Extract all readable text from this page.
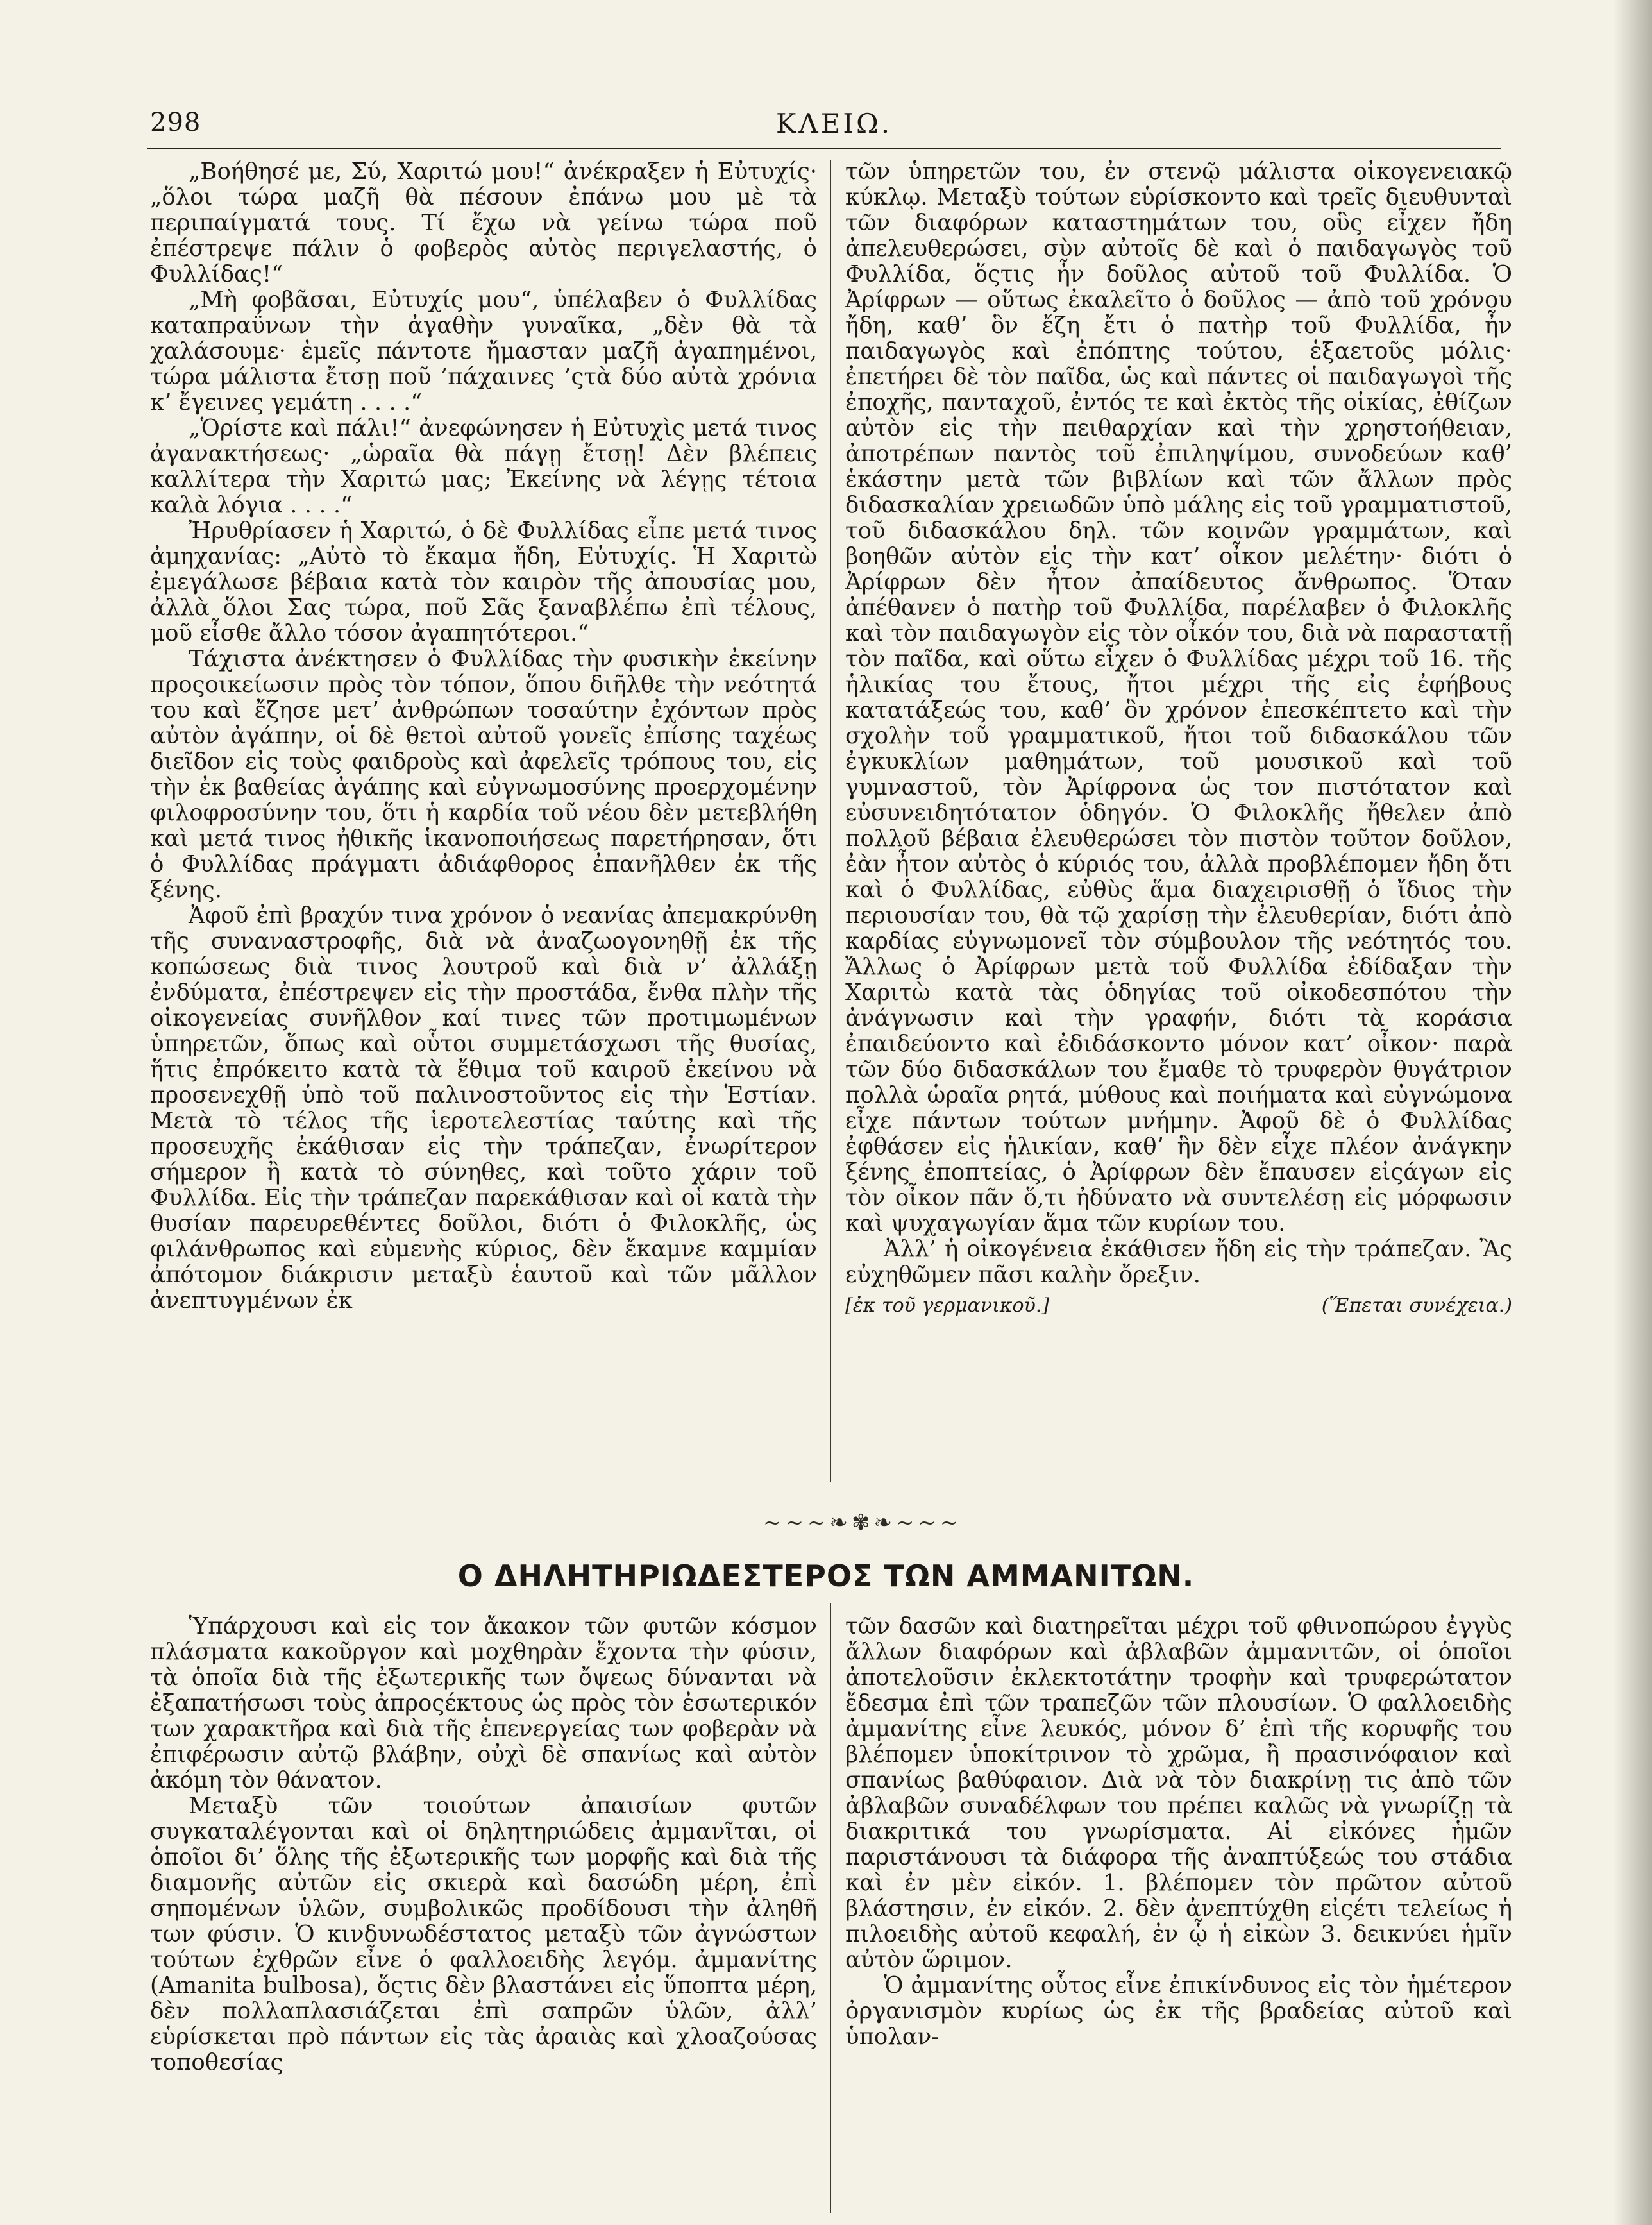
298	ΚΛΕΙΩ.

„Βοήθησέ με, Σύ, Χαριτώ μου!“ ἀνέκραξεν ἡ Εὐτυχίς· „ὅλοι τώρα μαζῆ θὰ πέσουν ἐπάνω μου μὲ τὰ περιπαίγματά τους. Τί ἔχω νὰ γείνω τώρα ποῦ ἐπέστρεψε πάλιν ὁ φοβερὸς αὐτὸς περιγελαστής, ὁ Φυλλίδας!“

„Μὴ φοβᾶσαι, Εὐτυχίς μου“, ὑπέλαβεν ὁ Φυλλίδας καταπραΰνων τὴν ἀγαθὴν γυναῖκα, „δὲν θὰ τὰ χαλάσουμε· ἐμεῖς πάντοτε ἤμασταν μαζῆ ἀγαπημένοι, τώρα μάλιστα ἔτσῃ ποῦ ’πάχαινες ’ςτὰ δύο αὐτὰ χρόνια κ’ ἔγεινες γεμάτη . . . .“

„Ὁρίστε καὶ πάλι!“ ἀνεφώνησεν ἡ Εὐτυχὶς μετά τινος ἀγανακτήσεως· „ὡραῖα θὰ πάγῃ ἔτσῃ! Δὲν βλέπεις καλλίτερα τὴν Χαριτώ μας; Ἐκείνης νὰ λέγῃς τέτοια καλὰ λόγια . . . .“

Ἠρυθρίασεν ἡ Χαριτώ, ὁ δὲ Φυλλίδας εἶπε μετά τινος ἀμηχανίας: „Αὐτὸ τὸ ἔκαμα ἤδη, Εὐτυχίς. Ἡ Χαριτὼ ἐμεγάλωσε βέβαια κατὰ τὸν καιρὸν τῆς ἀπουσίας μου, ἀλλὰ ὅλοι Σας τώρα, ποῦ Σᾶς ξαναβλέπω ἐπὶ τέλους, μοῦ εἶσθε ἄλλο τόσον ἀγαπητότεροι.“

Τάχιστα ἀνέκτησεν ὁ Φυλλίδας τὴν φυσικὴν ἐκείνην προςοικείωσιν πρὸς τὸν τόπον, ὅπου διῆλθε τὴν νεότητά του καὶ ἔζησε μετ’ ἀνθρώπων τοσαύτην ἐχόντων πρὸς αὐτὸν ἀγάπην, οἱ δὲ θετοὶ αὐτοῦ γονεῖς ἐπίσης ταχέως διεῖδον εἰς τοὺς φαιδροὺς καὶ ἀφελεῖς τρόπους του, εἰς τὴν ἐκ βαθείας ἀγάπης καὶ εὐγνωμοσύνης προερχομένην φιλοφροσύνην του, ὅτι ἡ καρδία τοῦ νέου δὲν μετεβλήθη καὶ μετά τινος ἠθικῆς ἱκανοποιήσεως παρετήρησαν, ὅτι ὁ Φυλλίδας πράγματι ἀδιάφθορος ἐπανῆλθεν ἐκ τῆς ξένης.

Ἀφοῦ ἐπὶ βραχύν τινα χρόνον ὁ νεανίας ἀπεμακρύνθη τῆς συναναστροφῆς, διὰ νὰ ἀναζωογονηθῇ ἐκ τῆς κοπώσεως διὰ τινος λουτροῦ καὶ διὰ ν’ ἀλλάξῃ ἐνδύματα, ἐπέστρεψεν εἰς τὴν προστάδα, ἔνθα πλὴν τῆς οἰκογενείας συνῆλθον καί τινες τῶν προτιμωμένων ὑπηρετῶν, ὅπως καὶ οὗτοι συμμετάσχωσι τῆς θυσίας, ἥτις ἐπρόκειτο κατὰ τὰ ἔθιμα τοῦ καιροῦ ἐκείνου νὰ προσενεχθῇ ὑπὸ τοῦ παλινοστοῦντος εἰς τὴν Ἑστίαν. Μετὰ τὸ τέλος τῆς ἱεροτελεστίας ταύτης καὶ τῆς προσευχῆς ἐκάθισαν εἰς τὴν τράπεζαν, ἐνωρίτερον σήμερον ἢ κατὰ τὸ σύνηθες, καὶ τοῦτο χάριν τοῦ Φυλλίδα. Εἰς τὴν τράπεζαν παρεκάθισαν καὶ οἱ κατὰ τὴν θυσίαν παρευρεθέντες δοῦλοι, διότι ὁ Φιλοκλῆς, ὡς φιλάνθρωπος καὶ εὐμενὴς κύριος, δὲν ἔκαμνε καμμίαν ἀπότομον διάκρισιν μεταξὺ ἑαυτοῦ καὶ τῶν μᾶλλον ἀνεπτυγμένων ἐκ

τῶν ὑπηρετῶν του, ἐν στενῷ μάλιστα οἰκογενειακῷ κύκλῳ. Μεταξὺ τούτων εὑρίσκοντο καὶ τρεῖς διευθυνταὶ τῶν διαφόρων καταστημάτων του, οὓς εἶχεν ἤδη ἀπελευθερώσει, σὺν αὐτοῖς δὲ καὶ ὁ παιδαγωγὸς τοῦ Φυλλίδα, ὅςτις ἦν δοῦλος αὐτοῦ τοῦ Φυλλίδα. Ὁ Ἀρίφρων — οὕτως ἐκαλεῖτο ὁ δοῦλος — ἀπὸ τοῦ χρόνου ἤδη, καθ’ ὃν ἔζη ἔτι ὁ πατὴρ τοῦ Φυλλίδα, ἦν παιδαγωγὸς καὶ ἐπόπτης τούτου, ἑξαετοῦς μόλις· ἐπετήρει δὲ τὸν παῖδα, ὡς καὶ πάντες οἱ παιδαγωγοὶ τῆς ἐποχῆς, πανταχοῦ, ἐντός τε καὶ ἐκτὸς τῆς οἰκίας, ἐθίζων αὐτὸν εἰς τὴν πειθαρχίαν καὶ τὴν χρηστοήθειαν, ἀποτρέπων παντὸς τοῦ ἐπιληψίμου, συνοδεύων καθ’ ἑκάστην μετὰ τῶν βιβλίων καὶ τῶν ἄλλων πρὸς διδασκαλίαν χρειωδῶν ὑπὸ μάλης εἰς τοῦ γραμματιστοῦ, τοῦ διδασκάλου δηλ. τῶν κοινῶν γραμμάτων, καὶ βοηθῶν αὐτὸν εἰς τὴν κατ’ οἶκον μελέτην· διότι ὁ Ἀρίφρων δὲν ἦτον ἀπαίδευτος ἄνθρωπος. Ὅταν ἀπέθανεν ὁ πατὴρ τοῦ Φυλλίδα, παρέλαβεν ὁ Φιλοκλῆς καὶ τὸν παιδαγωγὸν εἰς τὸν οἶκόν του, διὰ νὰ παραστατῇ τὸν παῖδα, καὶ οὕτω εἶχεν ὁ Φυλλίδας μέχρι τοῦ 16. τῆς ἡλικίας του ἔτους, ἤτοι μέχρι τῆς εἰς ἐφήβους κατατάξεώς του, καθ’ ὃν χρόνον ἐπεσκέπτετο καὶ τὴν σχολὴν τοῦ γραμματικοῦ, ἤτοι τοῦ διδασκάλου τῶν ἐγκυκλίων μαθημάτων, τοῦ μουσικοῦ καὶ τοῦ γυμναστοῦ, τὸν Ἀρίφρονα ὡς τον πιστότατον καὶ εὐσυνειδητότατον ὁδηγόν. Ὁ Φιλοκλῆς ἤθελεν ἀπὸ πολλοῦ βέβαια ἐλευθερώσει τὸν πιστὸν τοῦτον δοῦλον, ἐὰν ἦτον αὐτὸς ὁ κύριός του, ἀλλὰ προβλέπομεν ἤδη ὅτι καὶ ὁ Φυλλίδας, εὐθὺς ἅμα διαχειρισθῇ ὁ ἴδιος τὴν περιουσίαν του, θὰ τῷ χαρίσῃ τὴν ἐλευθερίαν, διότι ἀπὸ καρδίας εὐγνωμονεῖ τὸν σύμβουλον τῆς νεότητός του. Ἄλλως ὁ Ἀρίφρων μετὰ τοῦ Φυλλίδα ἐδίδαξαν τὴν Χαριτὼ κατὰ τὰς ὁδηγίας τοῦ οἰκοδεσπότου τὴν ἀνάγνωσιν καὶ τὴν γραφήν, διότι τὰ κοράσια ἐπαιδεύοντο καὶ ἐδιδάσκοντο μόνον κατ’ οἶκον· παρὰ τῶν δύο διδασκάλων του ἔμαθε τὸ τρυφερὸν θυγάτριον πολλὰ ὡραῖα ρητά, μύθους καὶ ποιήματα καὶ εὐγνώμονα εἶχε πάντων τούτων μνήμην. Ἀφοῦ δὲ ὁ Φυλλίδας ἐφθάσεν εἰς ἡλικίαν, καθ’ ἣν δὲν εἶχε πλέον ἀνάγκην ξένης ἐποπτείας, ὁ Ἀρίφρων δὲν ἔπαυσεν εἰςάγων εἰς τὸν οἶκον πᾶν ὅ,τι ἠδύνατο νὰ συντελέσῃ εἰς μόρφωσιν καὶ ψυχαγωγίαν ἅμα τῶν κυρίων του.

Ἀλλ’ ἡ οἰκογένεια ἐκάθισεν ἤδη εἰς τὴν τράπεζαν. Ἂς εὐχηθῶμεν πᾶσι καλὴν ὄρεξιν.

[ἐκ τοῦ γερμανικοῦ.]	(Ἕπεται συνέχεια.)
~~~❧✾❧~~~
Ο ΔΗΛΗΤΗΡΙΩΔΕΣΤΕΡΟΣ ΤΩΝ ΑΜΜΑΝΙΤΩΝ.

Ὑπάρχουσι καὶ εἰς τον ἄκακον τῶν φυτῶν κόσμον πλάσματα κακοῦργον καὶ μοχθηρὰν ἔχοντα τὴν φύσιν, τὰ ὁποῖα διὰ τῆς ἐξωτερικῆς των ὄψεως δύνανται νὰ ἐξαπατήσωσι τοὺς ἀπροςέκτους ὡς πρὸς τὸν ἐσωτερικόν των χαρακτῆρα καὶ διὰ τῆς ἐπενεργείας των φοβερὰν νὰ ἐπιφέρωσιν αὐτῷ βλάβην, οὐχὶ δὲ σπανίως καὶ αὐτὸν ἀκόμη τὸν θάνατον.

Μεταξὺ τῶν τοιούτων ἀπαισίων φυτῶν συγκαταλέγονται καὶ οἱ δηλητηριώδεις ἀμμανῖται, οἱ ὁποῖοι δι’ ὅλης τῆς ἐξωτερικῆς των μορφῆς καὶ διὰ τῆς διαμονῆς αὐτῶν εἰς σκιερὰ καὶ δασώδη μέρη, ἐπὶ σηπομένων ὑλῶν, συμβολικῶς προδίδουσι τὴν ἀληθῆ των φύσιν. Ὁ κινδυνωδέστατος μεταξὺ τῶν ἀγνώστων τούτων ἐχθρῶν εἶνε ὁ φαλλοειδὴς λεγόμ. ἀμμανίτης (Amanita bulbosa), ὅςτις δὲν βλαστάνει εἰς ὕποπτα μέρη, δὲν πολλαπλασιάζεται ἐπὶ σαπρῶν ὑλῶν, ἀλλ’ εὑρίσκεται πρὸ πάντων εἰς τὰς ἀραιὰς καὶ χλοαζούσας τοποθεσίας

τῶν δασῶν καὶ διατηρεῖται μέχρι τοῦ φθινοπώρου ἐγγὺς ἄλλων διαφόρων καὶ ἀβλαβῶν ἀμμανιτῶν, οἱ ὁποῖοι ἀποτελοῦσιν ἐκλεκτοτάτην τροφὴν καὶ τρυφερώτατον ἔδεσμα ἐπὶ τῶν τραπεζῶν τῶν πλουσίων. Ὁ φαλλοειδὴς ἀμμανίτης εἶνε λευκός, μόνον δ’ ἐπὶ τῆς κορυφῆς του βλέπομεν ὑποκίτρινον τὸ χρῶμα, ἢ πρασινόφαιον καὶ σπανίως βαθύφαιον. Διὰ νὰ τὸν διακρίνῃ τις ἀπὸ τῶν ἀβλαβῶν συναδέλφων του πρέπει καλῶς νὰ γνωρίζῃ τὰ διακριτικά του γνωρίσματα. Αἱ εἰκόνες ἡμῶν παριστάνουσι τὰ διάφορα τῆς ἀναπτύξεώς του στάδια καὶ ἐν μὲν εἰκόν. 1. βλέπομεν τὸν πρῶτον αὐτοῦ βλάστησιν, ἐν εἰκόν. 2. δὲν ἀνεπτύχθη εἰςέτι τελείως ἡ πιλοειδὴς αὐτοῦ κεφαλή, ἐν ᾧ ἡ εἰκὼν 3. δεικνύει ἡμῖν αὐτὸν ὥριμον.

Ὁ ἀμμανίτης οὗτος εἶνε ἐπικίνδυνος εἰς τὸν ἡμέτερον ὀργανισμὸν κυρίως ὡς ἐκ τῆς βραδείας αὐτοῦ καὶ ὑπολαν-
